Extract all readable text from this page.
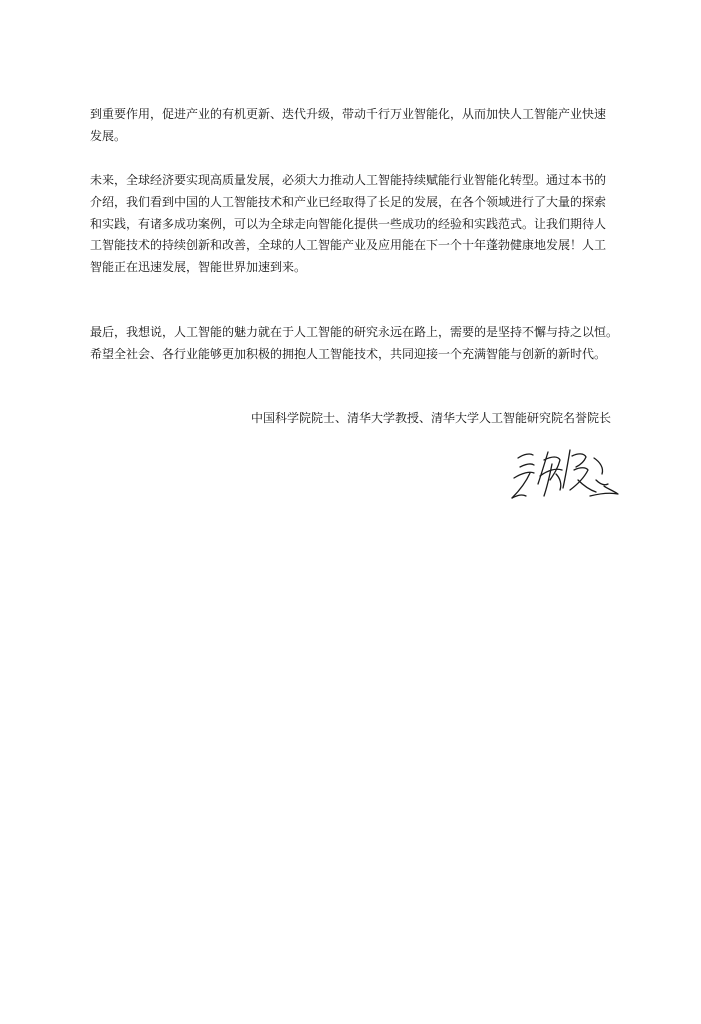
到重要作用，促进产业的有机更新、迭代升级，带动千行万业智能化，从而加快人工智能产业快速
发展。
未来，全球经济要实现高质量发展，必须大力推动人工智能持续赋能行业智能化转型。通过本书的
介绍，我们看到中国的人工智能技术和产业已经取得了长足的发展，在各个领域进行了大量的探索
和实践，有诸多成功案例，可以为全球走向智能化提供一些成功的经验和实践范式。让我们期待人
工智能技术的持续创新和改善，全球的人工智能产业及应用能在下一个十年蓬勃健康地发展！人工
智能正在迅速发展，智能世界加速到来。
最后，我想说，人工智能的魅力就在于人工智能的研究永远在路上，需要的是坚持不懈与持之以恒。
希望全社会、各行业能够更加积极的拥抱人工智能技术，共同迎接一个充满智能与创新的新时代。
中国科学院院士、清华大学教授、清华大学人工智能研究院名誉院长
